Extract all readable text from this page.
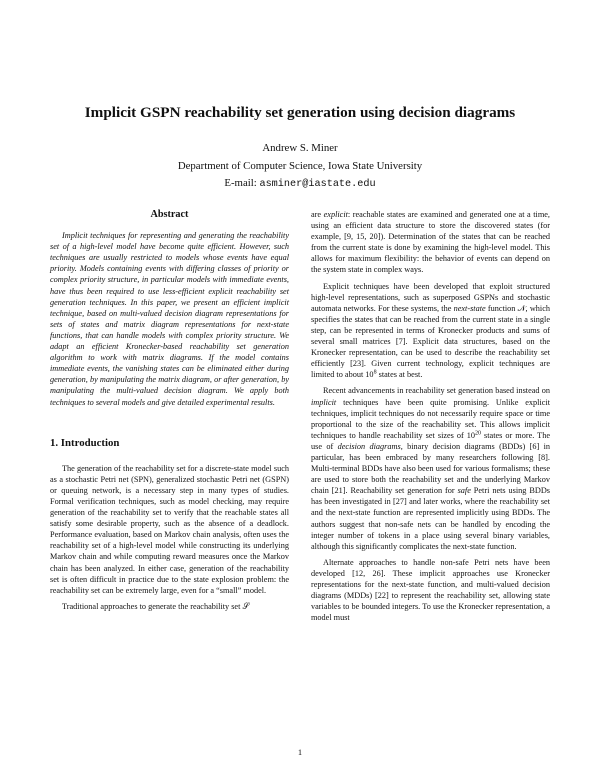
Implicit GSPN reachability set generation using decision diagrams
Andrew S. Miner
Department of Computer Science, Iowa State University
E-mail: asminer@iastate.edu
Abstract

Implicit techniques for representing and generating the reachability set of a high-level model have become quite efficient. However, such techniques are usually restricted to models whose events have equal priority. Models containing events with differing classes of priority or complex priority structure, in particular models with immediate events, have thus been required to use less-efficient explicit reachability set generation techniques. In this paper, we present an efficient implicit technique, based on multi-valued decision diagram representations for sets of states and matrix diagram representations for next-state functions, that can handle models with complex priority structure. We adapt an efficient Kronecker-based reachability set generation algorithm to work with matrix diagrams. If the model contains immediate events, the vanishing states can be eliminated either during generation, by manipulating the matrix diagram, or after generation, by manipulating the multi-valued decision diagram. We apply both techniques to several models and give detailed experimental results.

1. Introduction

The generation of the reachability set for a discrete-state model such as a stochastic Petri net (SPN), generalized stochastic Petri net (GSPN) or queuing network, is a necessary step in many types of studies. Formal verification techniques, such as model checking, may require generation of the reachability set to verify that the reachable states all satisfy some desirable property, such as the absence of a deadlock. Performance evaluation, based on Markov chain analysis, often uses the reachability set of a high-level model while constructing its underlying Markov chain and while computing reward measures once the Markov chain has been analyzed. In either case, generation of the reachability set is often difficult in practice due to the state explosion problem: the reachability set can be extremely large, even for a “small” model.

Traditional approaches to generate the reachability set 𝒮

are explicit: reachable states are examined and generated one at a time, using an efficient data structure to store the discovered states (for example, [9, 15, 20]). Determination of the states that can be reached from the current state is done by examining the high-level model. This allows for maximum flexibility: the behavior of events can depend on the system state in complex ways.

Explicit techniques have been developed that exploit structured high-level representations, such as superposed GSPNs and stochastic automata networks. For these systems, the next-state function 𝒩, which specifies the states that can be reached from the current state in a single step, can be represented in terms of Kronecker products and sums of several small matrices [7]. Explicit data structures, based on the Kronecker representation, can be used to describe the reachability set efficiently [23]. Given current technology, explicit techniques are limited to about $10^8$ states at best.

Recent advancements in reachability set generation based instead on implicit techniques have been quite promising. Unlike explicit techniques, implicit techniques do not necessarily require space or time proportional to the size of the reachability set. This allows implicit techniques to handle reachability set sizes of $10^{20}$ states or more. The use of decision diagrams, binary decision diagrams (BDDs) [6] in particular, has been embraced by many researchers following [8]. Multi-terminal BDDs have also been used for various formalisms; these are used to store both the reachability set and the underlying Markov chain [21]. Reachability set generation for safe Petri nets using BDDs has been investigated in [27] and later works, where the reachability set and the next-state function are represented implicitly using BDDs. The authors suggest that non-safe nets can be handled by encoding the integer number of tokens in a place using several binary variables, although this significantly complicates the next-state function.

Alternate approaches to handle non-safe Petri nets have been developed [12, 26]. These implicit approaches use Kronecker representations for the next-state function, and multi-valued decision diagrams (MDDs) [22] to represent the reachability set, allowing state variables to be bounded integers. To use the Kronecker representation, a model must

1
